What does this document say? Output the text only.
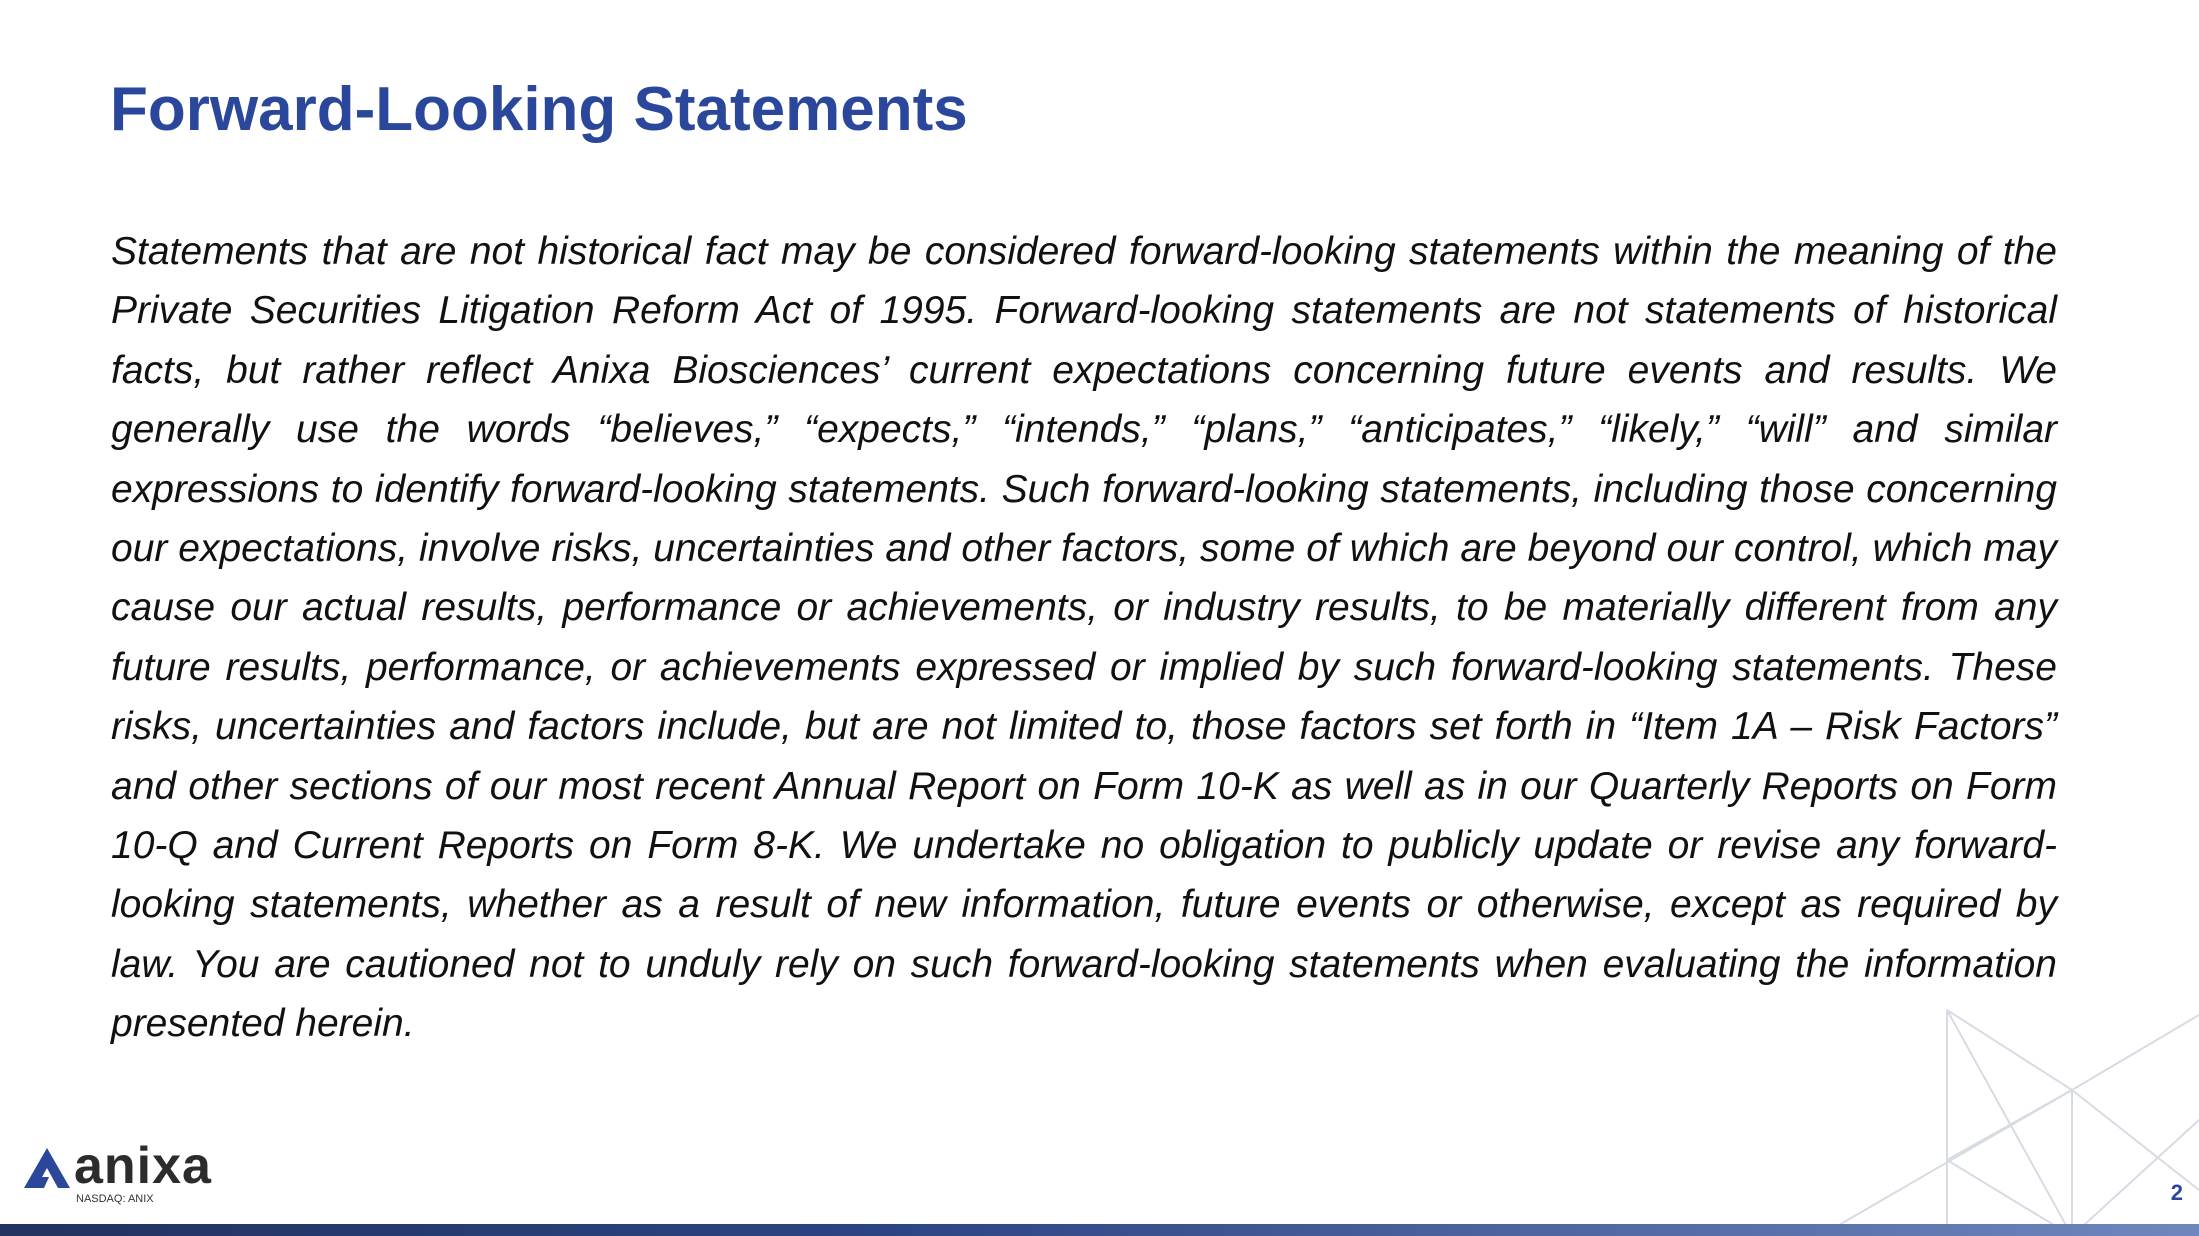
Forward-Looking Statements

Statements that are not historical fact may be considered forward-looking statements within the meaning of the Private Securities Litigation Reform Act of 1995. Forward-looking statements are not statements of historical facts, but rather reflect Anixa Biosciences’ current expectations concerning future events and results. We generally use the words “believes,” “expects,” “intends,” “plans,” “anticipates,” “likely,” “will” and similar expressions to identify forward-looking statements. Such forward-looking statements, including those concerning our expectations, involve risks, uncertainties and other factors, some of which are beyond our control, which may cause our actual results, performance or achievements, or industry results, to be materially different from any future results, performance, or achievements expressed or implied by such forward-looking statements. These risks, uncertainties and factors include, but are not limited to, those factors set forth in “Item 1A – Risk Factors” and other sections of our most recent Annual Report on Form 10-K as well as in our Quarterly Reports on Form 10-Q and Current Reports on Form 8-K. We undertake no obligation to publicly update or revise any forward-looking statements, whether as a result of new information, future events or otherwise, except as required by law. You are cautioned not to unduly rely on such forward-looking statements when evaluating the information presented herein.

anixa
NASDAQ: ANIX	2
